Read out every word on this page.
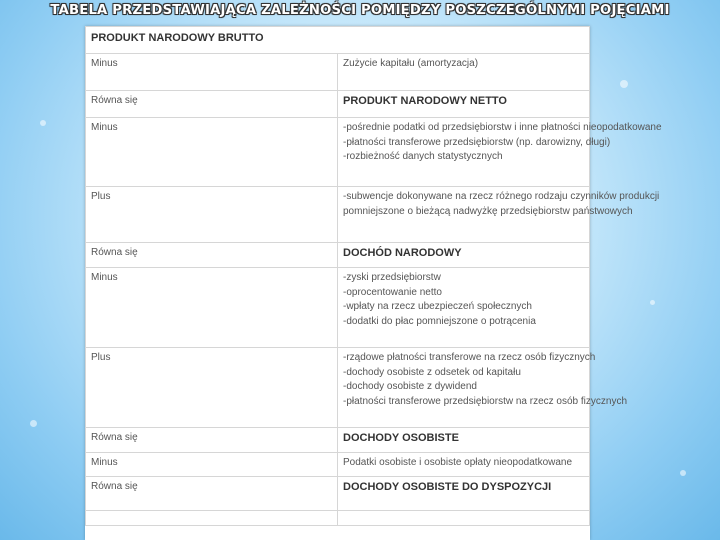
TABELA PRZEDSTAWIAJĄCA ZALEŻNOŚCI POMIĘDZY POSZCZEGÓLNYMI POJĘCIAMI
PRODUKT NARODOWY BRUTTO	
Minus	Zużycie kapitału (amortyzacja)

Równa się	PRODUKT NARODOWY NETTO

Minus	-pośrednie podatki od przedsiębiorstw i inne płatności nieopodatkowane
-płatności transferowe przedsiębiorstw (np. darowizny, długi)
-rozbieżność danych statystycznych

Plus	-subwencje dokonywane na rzecz różnego rodzaju czynników produkcji
pomniejszone o bieżącą nadwyżkę przedsiębiorstw państwowych

Równa się	DOCHÓD NARODOWY

Minus	-zyski przedsiębiorstw
-oprocentowanie netto
-wpłaty na rzecz ubezpieczeń społecznych
-dodatki do płac pomniejszone o potrącenia

Plus	-rządowe płatności transferowe na rzecz osób fizycznych
-dochody osobiste z odsetek od kapitału
-dochody osobiste z dywidend
-płatności transferowe przedsiębiorstw na rzecz osób fizycznych

Równa się	DOCHODY OSOBISTE

Minus	Podatki osobiste i osobiste opłaty nieopodatkowane

Równa się	DOCHODY OSOBISTE DO DYSPOZYCJI
